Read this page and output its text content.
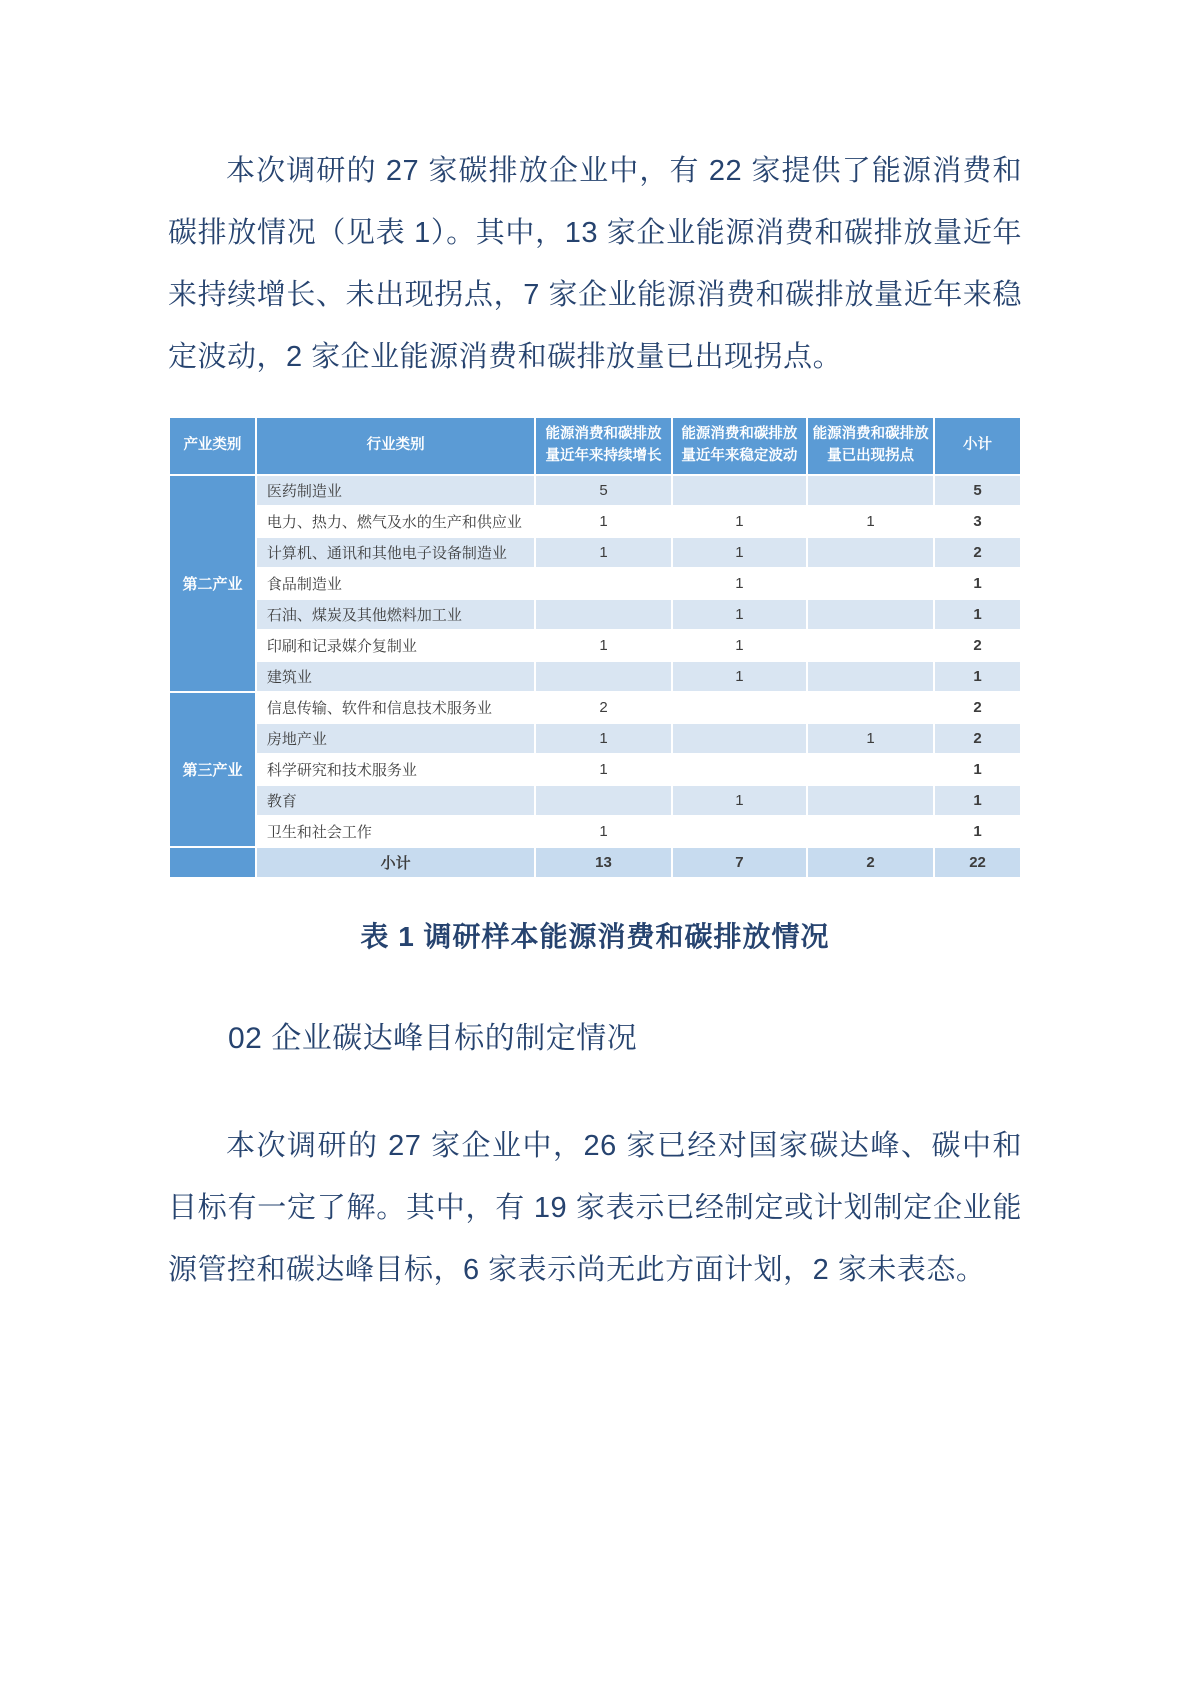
本次调研的 27 家碳排放企业中，有 22 家提供了能源消费和碳排放情况（见表 1）。其中，13 家企业能源消费和碳排放量近年来持续增长、未出现拐点，7 家企业能源消费和碳排放量近年来稳定波动，2 家企业能源消费和碳排放量已出现拐点。

产业类别	行业类别	能源消费和碳排放量近年来持续增长	能源消费和碳排放量近年来稳定波动	能源消费和碳排放量已出现拐点	小计
第二产业	医药制造业	5			5
	电力、热力、燃气及水的生产和供应业	1	1	1	3
	计算机、通讯和其他电子设备制造业	1	1		2
	食品制造业		1		1
	石油、煤炭及其他燃料加工业		1		1
	印刷和记录媒介复制业	1	1		2
	建筑业		1		1
第三产业	信息传输、软件和信息技术服务业	2			2
	房地产业	1		1	2
	科学研究和技术服务业	1			1
	教育		1		1
	卫生和社会工作	1			1
	小计	13	7	2	22
表 1 调研样本能源消费和碳排放情况
02 企业碳达峰目标的制定情况

本次调研的 27 家企业中，26 家已经对国家碳达峰、碳中和目标有一定了解。其中，有 19 家表示已经制定或计划制定企业能源管控和碳达峰目标，6 家表示尚无此方面计划，2 家未表态。
